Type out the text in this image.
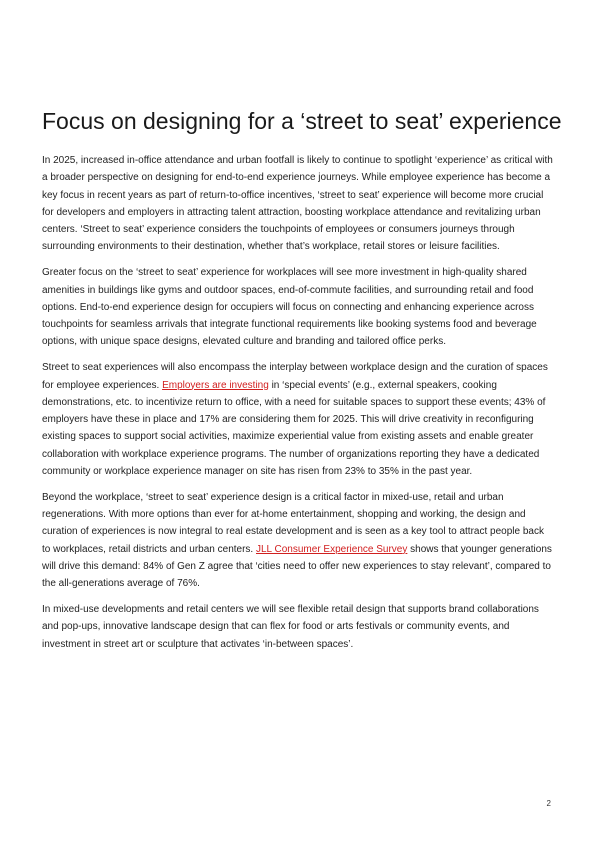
Focus on designing for a ‘street to seat’ experience

In 2025, increased in-office attendance and urban footfall is likely to continue to spotlight ‘experience’ as critical with a broader perspective on designing for end-to-end experience journeys. While employee experience has become a key focus in recent years as part of return-to-office incentives, ‘street to seat’ experience will become more crucial for developers and employers in attracting talent attraction, boosting workplace attendance and revitalizing urban centers. ‘Street to seat’ experience considers the touchpoints of employees or consumers journeys through surrounding environments to their destination, whether that’s workplace, retail stores or leisure facilities.

Greater focus on the ‘street to seat’ experience for workplaces will see more investment in high-quality shared amenities in buildings like gyms and outdoor spaces, end-of-commute facilities, and surrounding retail and food options. End-to-end experience design for occupiers will focus on connecting and enhancing experience across touchpoints for seamless arrivals that integrate functional requirements like booking systems food and beverage options, with unique space designs, elevated culture and branding and tailored office perks.

Street to seat experiences will also encompass the interplay between workplace design and the curation of spaces for employee experiences. Employers are investing in ‘special events’ (e.g., external speakers, cooking demonstrations, etc. to incentivize return to office, with a need for suitable spaces to support these events; 43% of employers have these in place and 17% are considering them for 2025. This will drive creativity in reconfiguring existing spaces to support social activities, maximize experiential value from existing assets and enable greater collaboration with workplace experience programs. The number of organizations reporting they have a dedicated community or workplace experience manager on site has risen from 23% to 35% in the past year.

Beyond the workplace, ‘street to seat’ experience design is a critical factor in mixed-use, retail and urban regenerations. With more options than ever for at-home entertainment, shopping and working, the design and curation of experiences is now integral to real estate development and is seen as a key tool to attract people back to workplaces, retail districts and urban centers. JLL Consumer Experience Survey shows that younger generations will drive this demand: 84% of Gen Z agree that ‘cities need to offer new experiences to stay relevant’, compared to the all-generations average of 76%.

In mixed-use developments and retail centers we will see flexible retail design that supports brand collaborations and pop-ups, innovative landscape design that can flex for food or arts festivals or community events, and investment in street art or sculpture that activates ‘in-between spaces’.

2
